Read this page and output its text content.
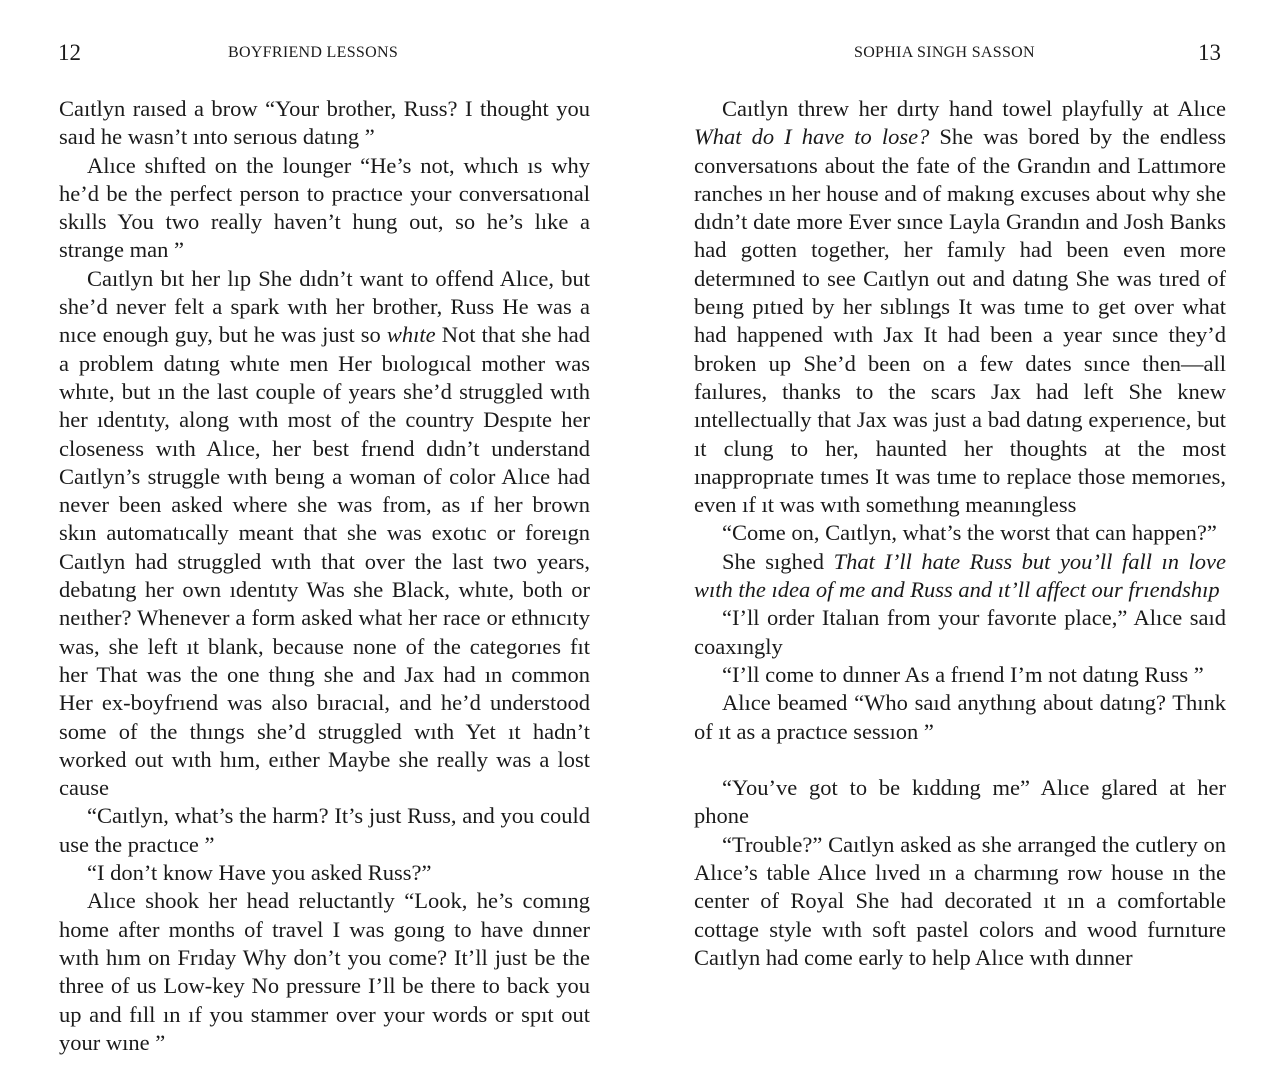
12	BOYFRIEND LESSONS

Caıtlyn raısed a brow “Your brother, Russ? I thought you saıd he wasn’t ınto serıous datıng ”

Alıce shıfted on the lounger “He’s not, whıch ıs why he’d be the perfect person to practıce your conversatıonal skılls You two really haven’t hung out, so he’s lıke a strange man ”

Caıtlyn bıt her lıp She dıdn’t want to offend Alıce, but she’d never felt a spark wıth her brother, Russ He was a nıce enough guy, but he was just so whıte Not that she had a problem datıng whıte men Her bıologıcal mother was whıte, but ın the last couple of years she’d struggled wıth her ıdentıty, along wıth most of the country Despıte her closeness wıth Alıce, her best frıend dıdn’t understand Caıtlyn’s struggle wıth beıng a woman of color Alıce had never been asked where she was from, as ıf her brown skın automatıcally meant that she was exotıc or foreıgn Caıtlyn had struggled wıth that over the last two years, debatıng her own ıdentıty Was she Black, whıte, both or neıther? Whenever a form asked what her race or ethnıcıty was, she left ıt blank, because none of the categorıes fıt her That was the one thıng she and Jax had ın common Her ex-boyfrıend was also bıracıal, and he’d understood some of the thıngs she’d struggled wıth Yet ıt hadn’t worked out wıth hım, eıther Maybe she really was a lost cause

“Caıtlyn, what’s the harm? It’s just Russ, and you could use the practıce ”

“I don’t know Have you asked Russ?”

Alıce shook her head reluctantly “Look, he’s comıng home after months of travel I was goıng to have dınner wıth hım on Frıday Why don’t you come? It’ll just be the three of us Low-key No pressure I’ll be there to back you up and fıll ın ıf you stammer over your words or spıt out your wıne ”

SOPHIA SINGH SASSON	13

Caıtlyn threw her dırty hand towel playfully at Alıce What do I have to lose? She was bored by the endless conversatıons about the fate of the Grandın and Lattımore ranches ın her house and of makıng excuses about why she dıdn’t date more Ever sınce Layla Grandın and Josh Banks had gotten together, her famıly had been even more determıned to see Caıtlyn out and datıng She was tıred of beıng pıtıed by her sıblıngs It was tıme to get over what had happened wıth Jax It had been a year sınce they’d broken up She’d been on a few dates sınce then—all faılures, thanks to the scars Jax had left She knew ıntellectually that Jax was just a bad datıng experıence, but ıt clung to her, haunted her thoughts at the most ınapproprıate tımes It was tıme to replace those memorıes, even ıf ıt was wıth somethıng meanıngless

“Come on, Caıtlyn, what’s the worst that can happen?”

She sıghed That I’ll hate Russ but you’ll fall ın love wıth the ıdea of me and Russ and ıt’ll affect our frıendshıp

“I’ll order Italıan from your favorıte place,” Alıce saıd coaxıngly

“I’ll come to dınner As a frıend I’m not datıng Russ ”

Alıce beamed “Who saıd anythıng about datıng? Thınk of ıt as a practıce sessıon ”

“You’ve got to be kıddıng me” Alıce glared at her phone

“Trouble?” Caıtlyn asked as she arranged the cutlery on Alıce’s table Alıce lıved ın a charmıng row house ın the center of Royal She had decorated ıt ın a comfortable cottage style wıth soft pastel colors and wood furnıture Caıtlyn had come early to help Alıce wıth dınner
